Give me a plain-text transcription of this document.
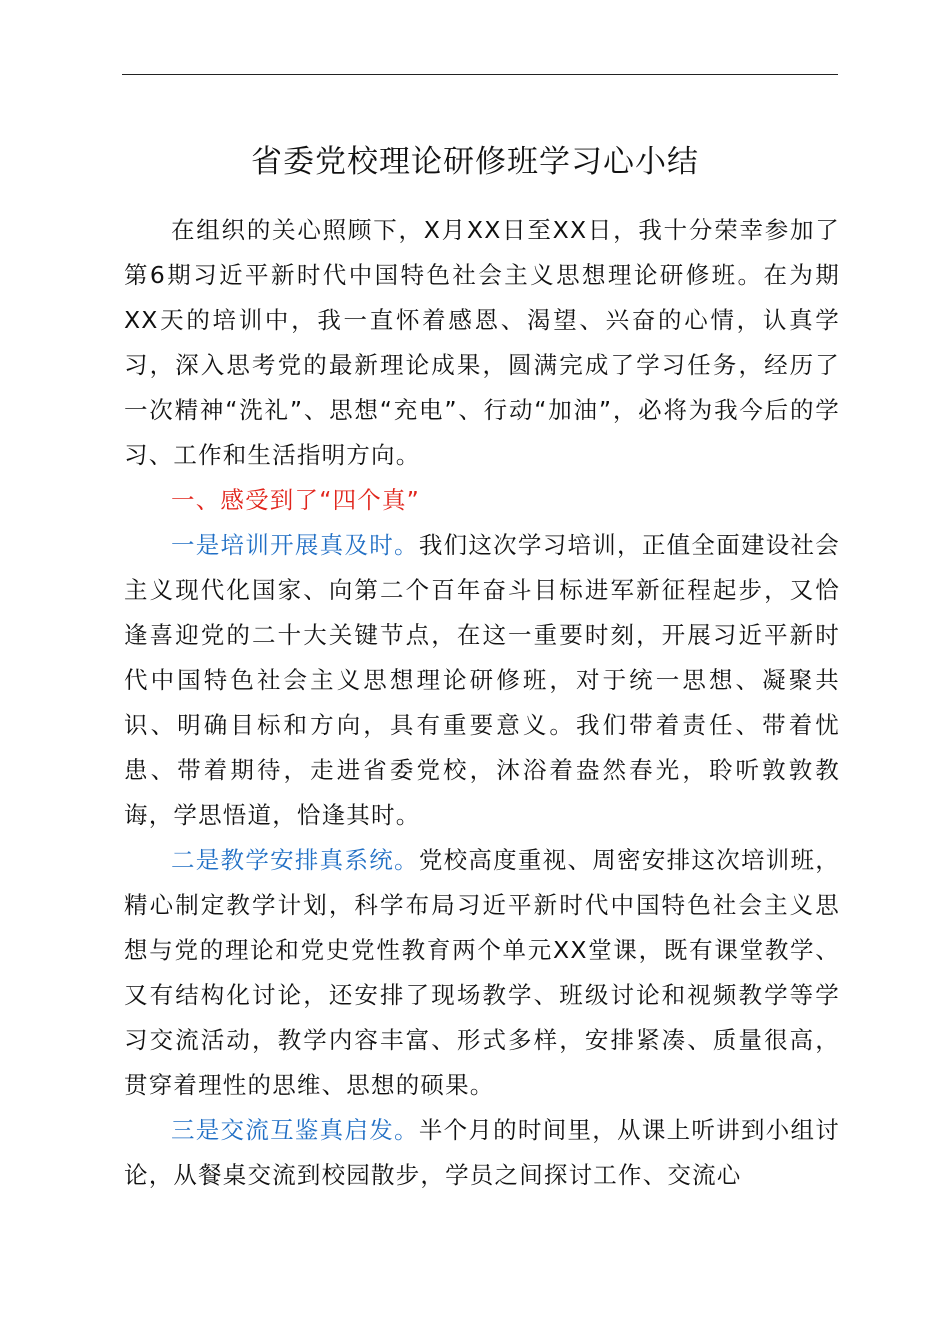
省委党校理论研修班学习心小结

在组织的关心照顾下，X月XX日至XX日，我十分荣幸参加了第6期习近平新时代中国特色社会主义思想理论研修班。在为期XX天的培训中，我一直怀着感恩、渴望、兴奋的心情，认真学习，深入思考党的最新理论成果，圆满完成了学习任务，经历了一次精神“洗礼”、思想“充电”、行动“加油”，必将为我今后的学习、工作和生活指明方向。

一、感受到了“四个真”

一是培训开展真及时。我们这次学习培训，正值全面建设社会主义现代化国家、向第二个百年奋斗目标进军新征程起步，又恰逢喜迎党的二十大关键节点，在这一重要时刻，开展习近平新时代中国特色社会主义思想理论研修班，对于统一思想、凝聚共识、明确目标和方向，具有重要意义。我们带着责任、带着忧患、带着期待，走进省委党校，沐浴着盎然春光，聆听敦敦教诲，学思悟道，恰逢其时。

二是教学安排真系统。党校高度重视、周密安排这次培训班，精心制定教学计划，科学布局习近平新时代中国特色社会主义思想与党的理论和党史党性教育两个单元XX堂课，既有课堂教学、又有结构化讨论，还安排了现场教学、班级讨论和视频教学等学习交流活动，教学内容丰富、形式多样，安排紧凑、质量很高，贯穿着理性的思维、思想的硕果。

三是交流互鉴真启发。半个月的时间里，从课上听讲到小组讨论，从餐桌交流到校园散步，学员之间探讨工作、交流心
